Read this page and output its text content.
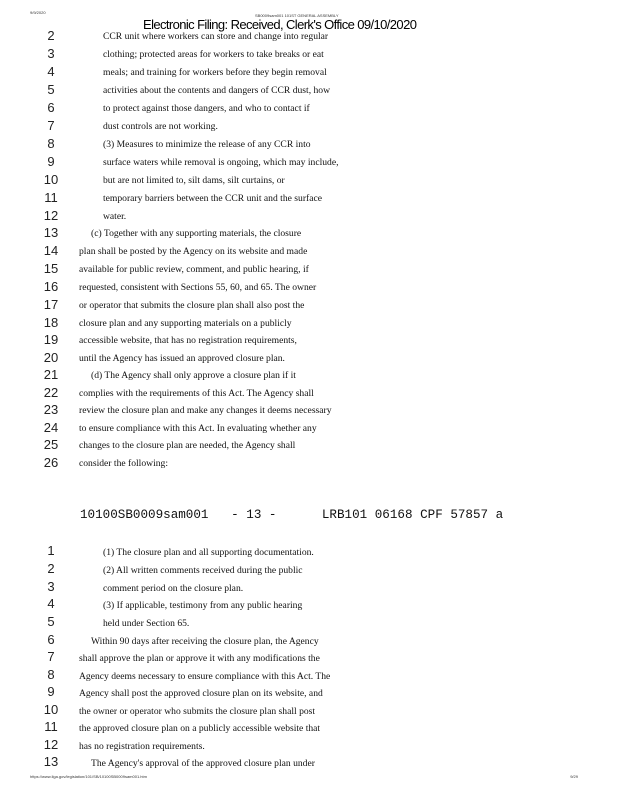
9/9/2020
SB0009sam001 101ST GENERAL ASSEMBLY
Electronic Filing: Received, Clerk's Office 09/10/2020
2	CCR unit where workers can store and change into regular
3	clothing; protected areas for workers to take breaks or eat
4	meals; and training for workers before they begin removal
5	activities about the contents and dangers of CCR dust, how
6	to protect against those dangers, and who to contact if
7	dust controls are not working.
8	(3) Measures to minimize the release of any CCR into
9	surface waters while removal is ongoing, which may include,
10	but are not limited to, silt dams, silt curtains, or
11	temporary barriers between the CCR unit and the surface
12	water.
13	(c) Together with any supporting materials, the closure
14	plan shall be posted by the Agency on its website and made
15	available for public review, comment, and public hearing, if
16	requested, consistent with Sections 55, 60, and 65. The owner
17	or operator that submits the closure plan shall also post the
18	closure plan and any supporting materials on a publicly
19	accessible website, that has no registration requirements,
20	until the Agency has issued an approved closure plan.
21	(d) The Agency shall only approve a closure plan if it
22	complies with the requirements of this Act. The Agency shall
23	review the closure plan and make any changes it deems necessary
24	to ensure compliance with this Act. In evaluating whether any
25	changes to the closure plan are needed, the Agency shall
26	consider the following:
10100SB0009sam001   - 13 -      LRB101 06168 CPF 57857 a
1	(1) The closure plan and all supporting documentation.
2	(2) All written comments received during the public
3	comment period on the closure plan.
4	(3) If applicable, testimony from any public hearing
5	held under Section 65.
6	Within 90 days after receiving the closure plan, the Agency
7	shall approve the plan or approve it with any modifications the
8	Agency deems necessary to ensure compliance with this Act. The
9	Agency shall post the approved closure plan on its website, and
10	the owner or operator who submits the closure plan shall post
11	the approved closure plan on a publicly accessible website that
12	has no registration requirements.
13	The Agency's approval of the approved closure plan under
https://www.ilga.gov/legislation/101/SB/10100SB0009sam001.htm	9/29
